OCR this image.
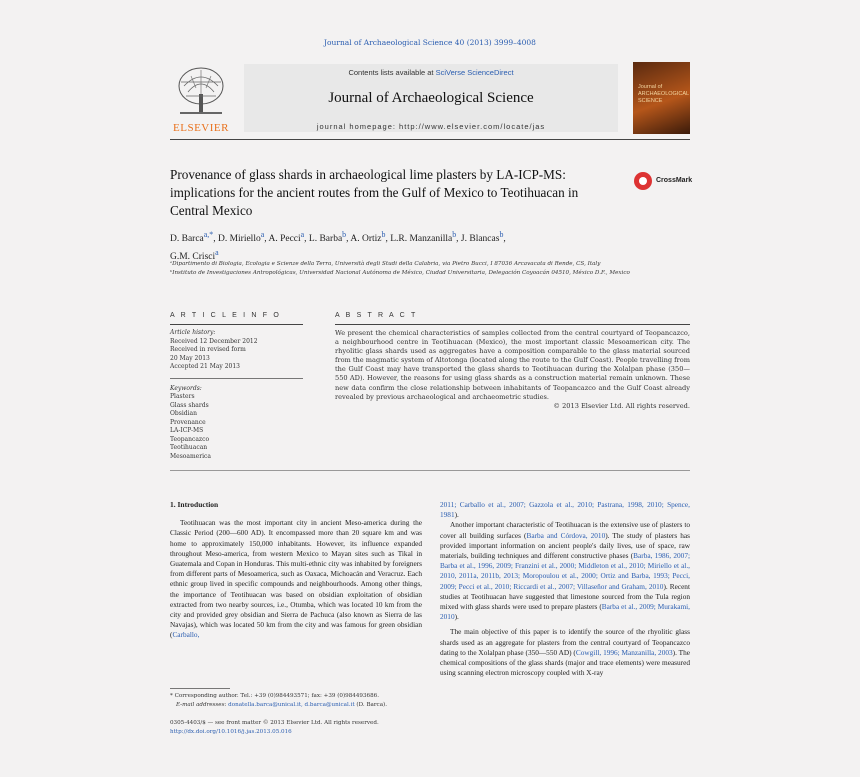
Journal of Archaeological Science 40 (2013) 3999–4008
ELSEVIER
Contents lists available at SciVerse ScienceDirect
Journal of Archaeological Science
journal homepage: http://www.elsevier.com/locate/jas
Journal of ARCHAEOLOGICAL SCIENCE
Provenance of glass shards in archaeological lime plasters by LA-ICP-MS: implications for the ancient routes from the Gulf of Mexico to Teotihuacan in Central Mexico
CrossMark
D. Barca$^{a,*}$, D. Miriello$^a$, A. Pecci$^a$, L. Barba$^b$, A. Ortiz$^b$, L.R. Manzanilla$^b$, J. Blancas$^b$,
G.M. Crisci$^a$
ᵃDipartimento di Biologia, Ecologia e Scienze della Terra, Università degli Studi della Calabria, via Pietro Bucci, I 87036 Arcavacata di Rende, CS, Italy
ᵇInstituto de Investigaciones Antropológicas, Universidad Nacional Autónoma de México, Ciudad Universitaria, Delegación Coyoacán 04510, México D.F., Mexico
A R T I C L E I N F O	A B S T R A C T
Article history:
Received 12 December 2012
Received in revised form
20 May 2013
Accepted 21 May 2013
Keywords:
Plasters
Glass shards
Obsidian
Provenance
LA-ICP-MS
Teopancazco
Teotihuacan
Mesoamerica
We present the chemical characteristics of samples collected from the central courtyard of Teopancazco, a neighbourhood centre in Teotihuacan (Mexico), the most important classic Mesoamerican city. The rhyolitic glass shards used as aggregates have a composition comparable to the glass material sourced from the magmatic system of Altotonga (located along the route to the Gulf Coast). People travelling from the Gulf Coast may have transported the glass shards to Teotihuacan during the Xolalpan phase (350—550 AD). However, the reasons for using glass shards as a construction material remain unknown. These new data confirm the close relationship between inhabitants of Teopancazco and the Gulf Coast already revealed by previous archaeological and archaeometric studies.
© 2013 Elsevier Ltd. All rights reserved.
1. Introduction

Teotihuacan was the most important city in ancient Meso-america during the Classic Period (200—600 AD). It encompassed more than 20 square km and was home to approximately 150,000 inhabitants. However, its influence expanded throughout Meso-america, from western Mexico to Mayan sites such as Tikal in Guatemala and Copan in Honduras. This multi-ethnic city was inhabited by foreigners from different parts of Mesoamerica, such as Oaxaca, Michoacán and Veracruz. Each ethnic group lived in specific compounds and neighbourhoods. Among other things, the importance of Teotihuacan was based on obsidian exploitation of obsidian extracted from two nearby sources, i.e., Otumba, which was located 10 km from the city and provided grey obsidian and Sierra de Pachuca (also known as Sierra de las Navajas), which was located 50 km from the city and was famous for green obsidian (Carballo,

2011; Carballo et al., 2007; Gazzola et al., 2010; Pastrana, 1998, 2010; Spence, 1981).

Another important characteristic of Teotihuacan is the extensive use of plasters to cover all building surfaces (Barba and Córdova, 2010). The study of plasters has provided important information on ancient people's daily lives, use of space, raw materials, building techniques and different constructive phases (Barba, 1986, 2007; Barba et al., 1996, 2009; Franzini et al., 2000; Middleton et al., 2010; Miriello et al., 2010, 2011a, 2011b, 2013; Moropoulou et al., 2000; Ortiz and Barba, 1993; Pecci, 2009; Pecci et al., 2010; Riccardi et al., 2007; Villaseñor and Graham, 2010). Recent studies at Teotihuacan have suggested that limestone sourced from the Tula region mixed with glass shards were used to prepare plasters (Barba et al., 2009; Murakami, 2010).

The main objective of this paper is to identify the source of the rhyolitic glass shards used as an aggregate for plasters from the central courtyard of Teopancazco dating to the Xolalpan phase (350—550 AD) (Cowgill, 1996; Manzanilla, 2003). The chemical compositions of the glass shards (major and trace elements) were measured using scanning electron microscopy coupled with X-ray

* Corresponding author. Tel.: +39 (0)984493571; fax: +39 (0)984493686.
E-mail addresses: donatella.barca@unical.it, d.barca@unical.it (D. Barca).
0305-4403/$ — see front matter © 2013 Elsevier Ltd. All rights reserved.
http://dx.doi.org/10.1016/j.jas.2013.05.016
